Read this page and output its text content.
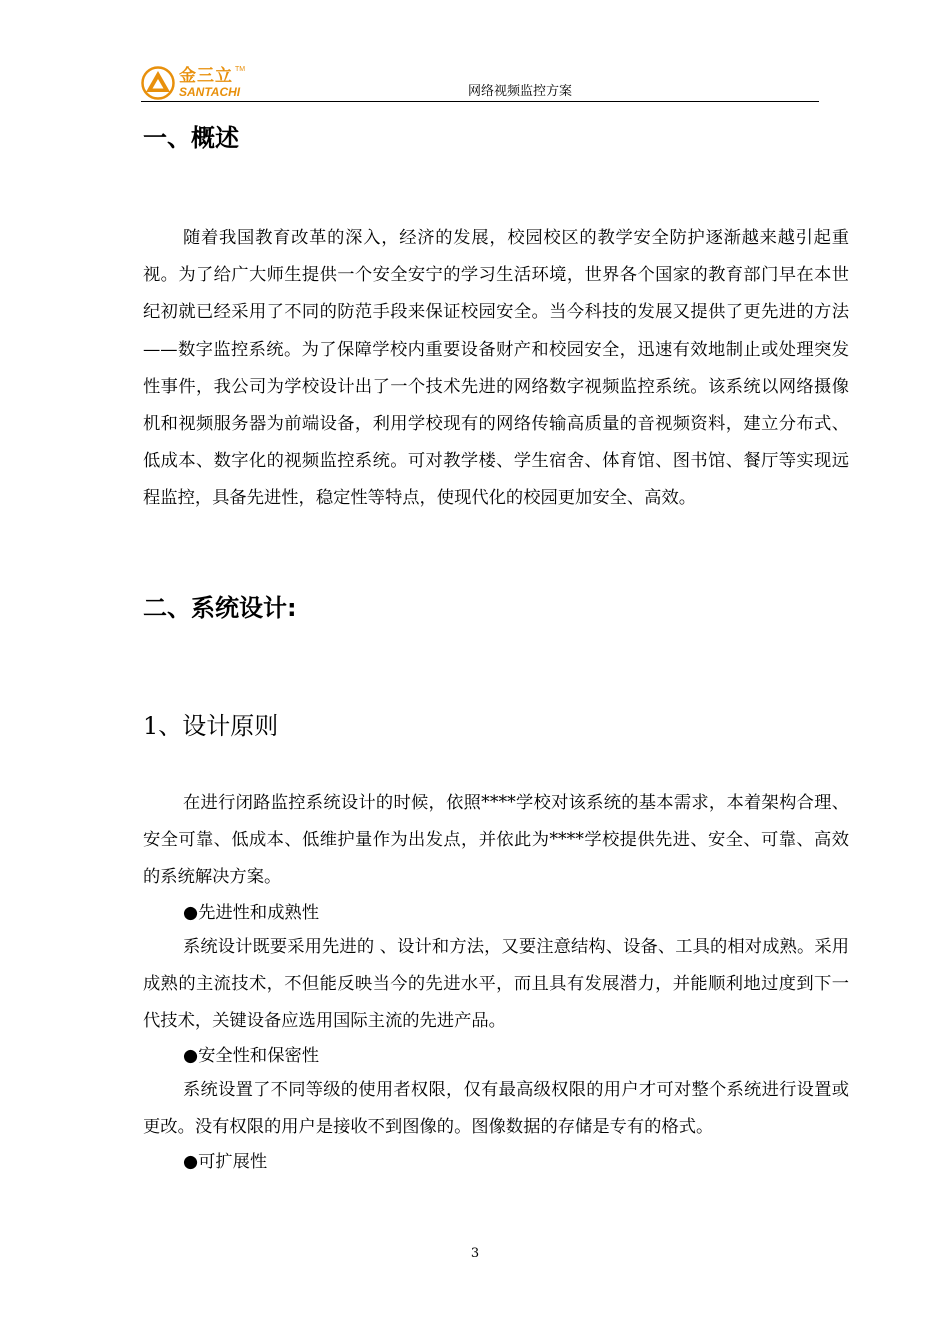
金三立 TM
SANTACHI	网络视频监控方案
一、概述
随着我国教育改革的深入，经济的发展，校园校区的教学安全防护逐渐越来越引起重视。为了给广大师生提供一个安全安宁的学习生活环境，世界各个国家的教育部门早在本世纪初就已经采用了不同的防范手段来保证校园安全。当今科技的发展又提供了更先进的方法——数字监控系统。为了保障学校内重要设备财产和校园安全，迅速有效地制止或处理突发性事件，我公司为学校设计出了一个技术先进的网络数字视频监控系统。该系统以网络摄像机和视频服务器为前端设备，利用学校现有的网络传输高质量的音视频资料，建立分布式、低成本、数字化的视频监控系统。可对教学楼、学生宿舍、体育馆、图书馆、餐厅等实现远程监控，具备先进性，稳定性等特点，使现代化的校园更加安全、高效。
二、系统设计:
1、设计原则
在进行闭路监控系统设计的时候，依照****学校对该系统的基本需求，本着架构合理、安全可靠、低成本、低维护量作为出发点，并依此为****学校提供先进、安全、可靠、高效的系统解决方案。
●先进性和成熟性
系统设计既要采用先进的 、设计和方法，又要注意结构、设备、工具的相对成熟。采用成熟的主流技术，不但能反映当今的先进水平，而且具有发展潜力，并能顺利地过度到下一代技术，关键设备应选用国际主流的先进产品。
●安全性和保密性
系统设置了不同等级的使用者权限，仅有最高级权限的用户才可对整个系统进行设置或更改。没有权限的用户是接收不到图像的。图像数据的存储是专有的格式。
●可扩展性
3
